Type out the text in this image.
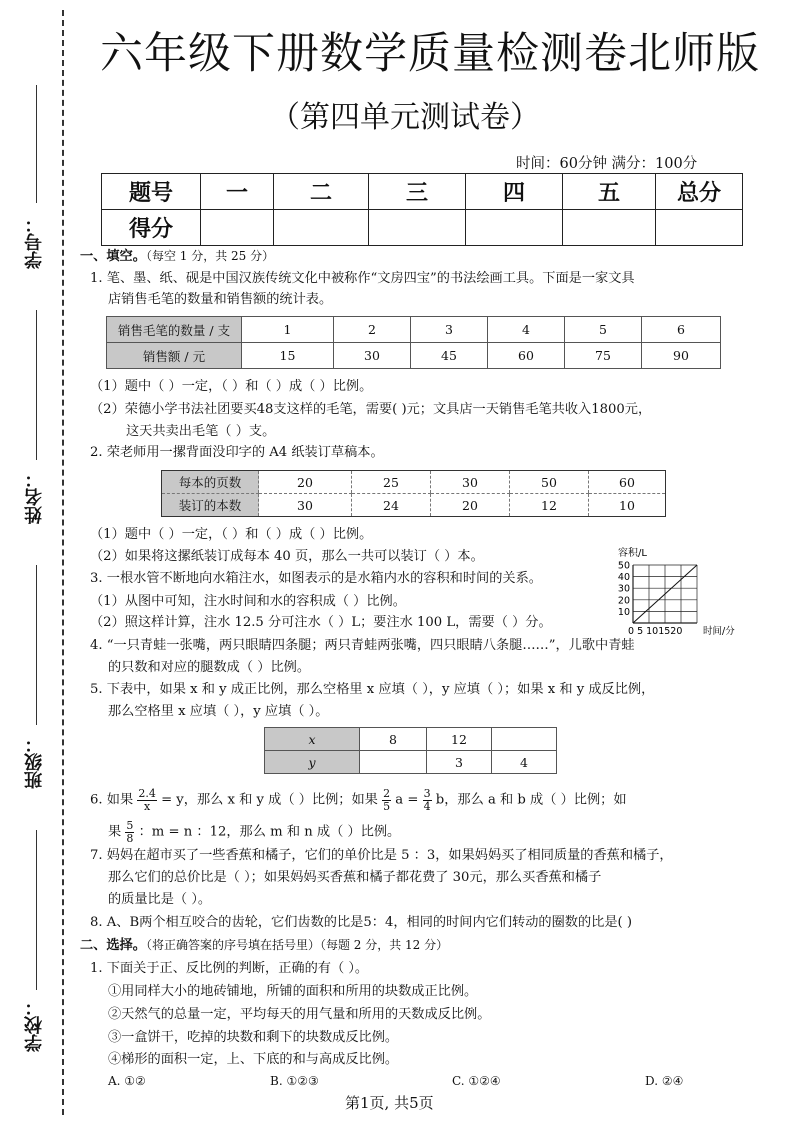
学号：
姓名：
班级：
学校：
六年级下册数学质量检测卷北师版
（第四单元测试卷）
时间：60分钟 满分：100分
题号	一	二	三	四	五	总分
得分						
一、填空。（每空 1 分，共 25 分）
1. 笔、墨、纸、砚是中国汉族传统文化中被称作“文房四宝”的书法绘画工具。下面是一家文具
店销售毛笔的数量和销售额的统计表。
销售毛笔的数量 / 支	1	2	3	4	5	6
销售额 / 元	15	30	45	60	75	90
（1）题中（ ）一定，（ ）和（ ）成（ ）比例。
（2）荣德小学书法社团要买48支这样的毛笔，需要( )元；文具店一天销售毛笔共收入1800元，
这天共卖出毛笔（ ）支。
2. 荣老师用一摞背面没印字的 A4 纸装订草稿本。
每本的页数	20	25	30	50	60
装订的本数	30	24	20	12	10
（1）题中（ ）一定，（ ）和（ ）成（ ）比例。
（2）如果将这摞纸装订成每本 40 页，那么一共可以装订（ ）本。
3. 一根水管不断地向水箱注水，如图表示的是水箱内水的容积和时间的关系。
（1）从图中可知，注水时间和水的容积成（ ）比例。
（2）照这样计算，注水 12.5 分可注水（ ）L；要注水 100 L，需要（ ）分。
容积/L
10
20
30
40
50
0 5 101520 时间/分
4. “一只青蛙一张嘴，两只眼睛四条腿；两只青蛙两张嘴，四只眼睛八条腿……”，儿歌中青蛙
的只数和对应的腿数成（ ）比例。
5. 下表中，如果 x 和 y 成正比例，那么空格里 x 应填（ ），y 应填（ ）；如果 x 和 y 成反比例，
那么空格里 x 应填（ ），y 应填（ ）。
x	8	12	
y		3	4
6. 如果 $\frac{2.4}{x} = y$，那么 x 和 y 成（ ）比例；如果 $\frac{2}{5}$ $a = \frac{3}{4}$ b，那么 a 和 b 成（ ）比例；如
果 $\frac{5}{8}$ ：m = n ：12，那么 m 和 n 成（ ）比例。
7. 妈妈在超市买了一些香蕉和橘子，它们的单价比是 5 ：3，如果妈妈买了相同质量的香蕉和橘子，
那么它们的总价比是（ ）；如果妈妈买香蕉和橘子都花费了 30元，那么买香蕉和橘子
的质量比是（ ）。
8. A、B两个相互咬合的齿轮，它们齿数的比是5：4，相同的时间内它们转动的圈数的比是( )
二、选择。（将正确答案的序号填在括号里）（每题 2 分，共 12 分）
1. 下面关于正、反比例的判断，正确的有（ ）。
①用同样大小的地砖铺地，所铺的面积和所用的块数成正比例。
②天然气的总量一定，平均每天的用气量和所用的天数成反比例。
③一盒饼干，吃掉的块数和剩下的块数成反比例。
④梯形的面积一定，上、下底的和与高成反比例。
A. ①②	B. ①②③	C. ①②④	D. ②④
第1页, 共5页
